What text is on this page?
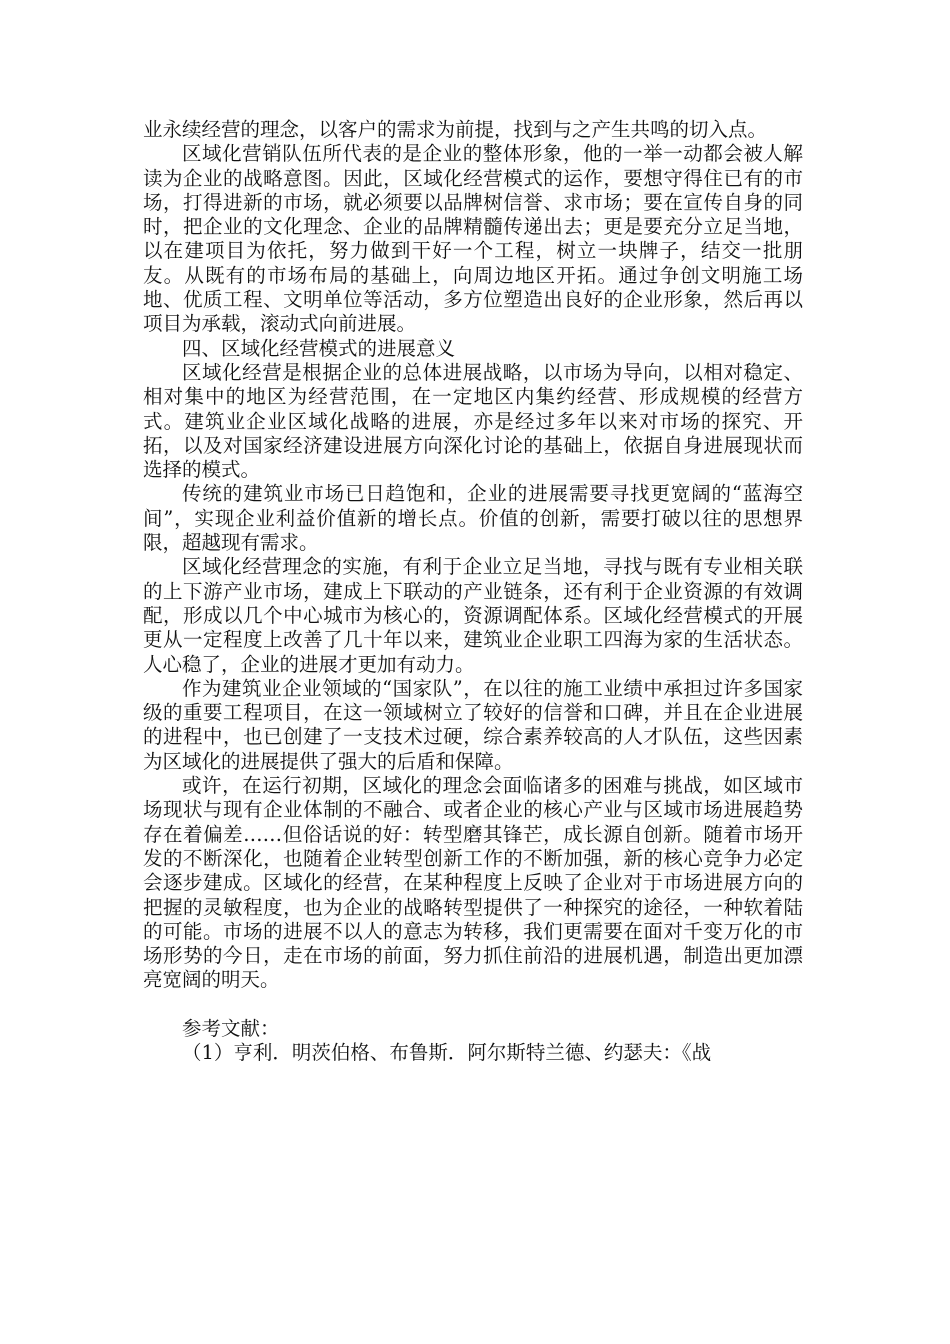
业永续经营的理念，以客户的需求为前提，找到与之产生共鸣的切入点。

区域化营销队伍所代表的是企业的整体形象，他的一举一动都会被人解读为企业的战略意图。因此，区域化经营模式的运作，要想守得住已有的市场，打得进新的市场，就必须要以品牌树信誉、求市场；要在宣传自身的同时，把企业的文化理念、企业的品牌精髓传递出去；更是要充分立足当地，以在建项目为依托，努力做到干好一个工程，树立一块牌子，结交一批朋友。从既有的市场布局的基础上，向周边地区开拓。通过争创文明施工场地、优质工程、文明单位等活动，多方位塑造出良好的企业形象，然后再以项目为承载，滚动式向前进展。

四、区域化经营模式的进展意义

区域化经营是根据企业的总体进展战略，以市场为导向，以相对稳定、相对集中的地区为经营范围，在一定地区内集约经营、形成规模的经营方式。建筑业企业区域化战略的进展，亦是经过多年以来对市场的探究、开拓，以及对国家经济建设进展方向深化讨论的基础上，依据自身进展现状而选择的模式。

传统的建筑业市场已日趋饱和，企业的进展需要寻找更宽阔的“蓝海空间”，实现企业利益价值新的增长点。价值的创新，需要打破以往的思想界限，超越现有需求。

区域化经营理念的实施，有利于企业立足当地，寻找与既有专业相关联的上下游产业市场，建成上下联动的产业链条，还有利于企业资源的有效调配，形成以几个中心城市为核心的，资源调配体系。区域化经营模式的开展更从一定程度上改善了几十年以来，建筑业企业职工四海为家的生活状态。人心稳了，企业的进展才更加有动力。

作为建筑业企业领域的“国家队”，在以往的施工业绩中承担过许多国家级的重要工程项目，在这一领域树立了较好的信誉和口碑，并且在企业进展的进程中，也已创建了一支技术过硬，综合素养较高的人才队伍，这些因素为区域化的进展提供了强大的后盾和保障。

或许，在运行初期，区域化的理念会面临诸多的困难与挑战，如区域市场现状与现有企业体制的不融合、或者企业的核心产业与区域市场进展趋势存在着偏差……但俗话说的好：转型磨其锋芒，成长源自创新。随着市场开发的不断深化，也随着企业转型创新工作的不断加强，新的核心竞争力必定会逐步建成。区域化的经营，在某种程度上反映了企业对于市场进展方向的把握的灵敏程度，也为企业的战略转型提供了一种探究的途径，一种软着陆的可能。市场的进展不以人的意志为转移，我们更需要在面对千变万化的市场形势的今日，走在市场的前面，努力抓住前沿的进展机遇，制造出更加漂亮宽阔的明天。

参考文献：

（1）亨利．明茨伯格、布鲁斯．阿尔斯特兰德、约瑟夫：《战
